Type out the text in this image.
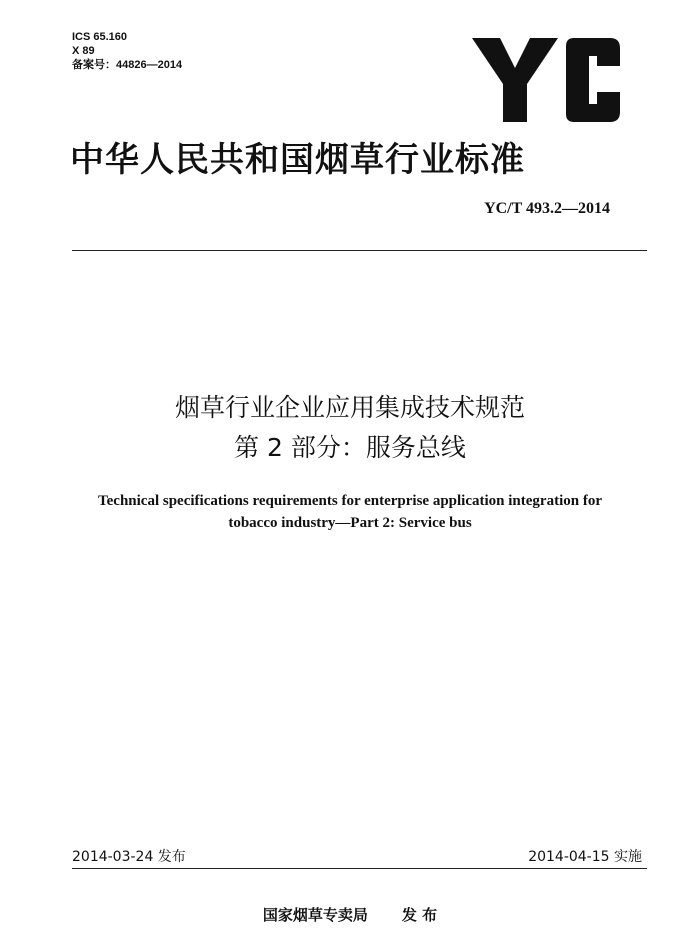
ICS 65.160
X 89
备案号：44826—2014
中华人民共和国烟草行业标准
YC/T 493.2—2014
烟草行业企业应用集成技术规范
第 2 部分：服务总线
Technical specifications requirements for enterprise application integration for
tobacco industry—Part 2: Service bus
2014-03-24 发布	2014-04-15 实施
国家烟草专卖局 发 布
